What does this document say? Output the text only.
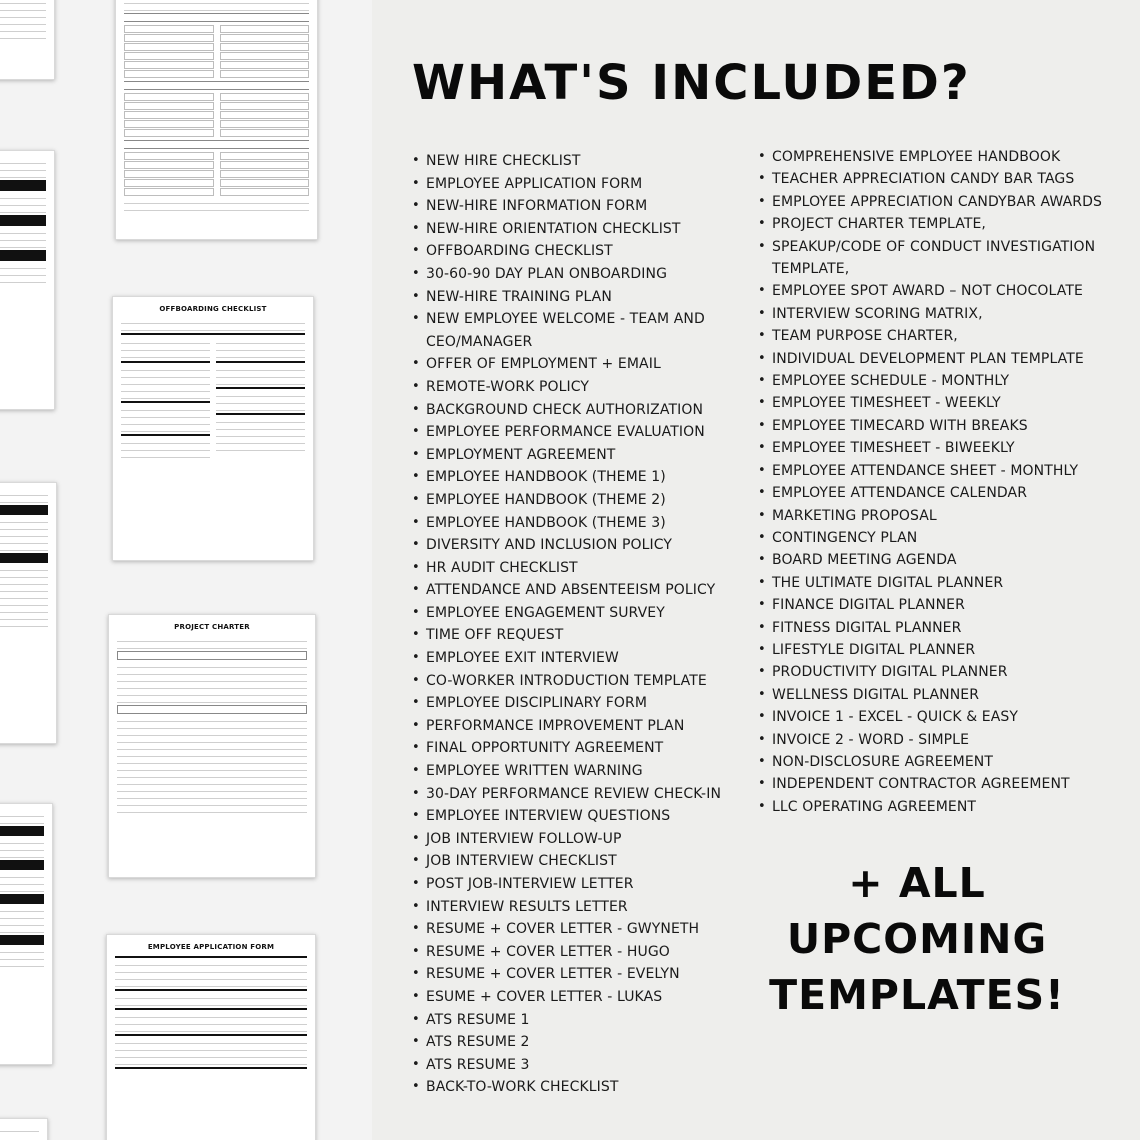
OFFBOARDING CHECKLIST
PROJECT CHARTER

EMPLOYEE APPLICATION FORM
WHAT'S INCLUDED?
• NEW HIRE CHECKLIST
• EMPLOYEE APPLICATION FORM
• NEW-HIRE INFORMATION FORM
• NEW-HIRE ORIENTATION CHECKLIST
• OFFBOARDING CHECKLIST
• 30-60-90 DAY PLAN ONBOARDING
• NEW-HIRE TRAINING PLAN
• NEW EMPLOYEE WELCOME - TEAM AND CEO/MANAGER
• OFFER OF EMPLOYMENT + EMAIL
• REMOTE-WORK POLICY
• BACKGROUND CHECK AUTHORIZATION
• EMPLOYEE PERFORMANCE EVALUATION
• EMPLOYMENT AGREEMENT
• EMPLOYEE HANDBOOK (THEME 1)
• EMPLOYEE HANDBOOK (THEME 2)
• EMPLOYEE HANDBOOK (THEME 3)
• DIVERSITY AND INCLUSION POLICY
• HR AUDIT CHECKLIST
• ATTENDANCE AND ABSENTEEISM POLICY
• EMPLOYEE ENGAGEMENT SURVEY
• TIME OFF REQUEST
• EMPLOYEE EXIT INTERVIEW
• CO-WORKER INTRODUCTION TEMPLATE
• EMPLOYEE DISCIPLINARY FORM
• PERFORMANCE IMPROVEMENT PLAN
• FINAL OPPORTUNITY AGREEMENT
• EMPLOYEE WRITTEN WARNING
• 30-DAY PERFORMANCE REVIEW CHECK-IN
• EMPLOYEE INTERVIEW QUESTIONS
• JOB INTERVIEW FOLLOW-UP
• JOB INTERVIEW CHECKLIST
• POST JOB-INTERVIEW LETTER
• INTERVIEW RESULTS LETTER
• RESUME + COVER LETTER - GWYNETH
• RESUME + COVER LETTER - HUGO
• RESUME + COVER LETTER - EVELYN
• ESUME + COVER LETTER - LUKAS
• ATS RESUME 1
• ATS RESUME 2
• ATS RESUME 3
• BACK-TO-WORK CHECKLIST
• COMPREHENSIVE EMPLOYEE HANDBOOK
• TEACHER APPRECIATION CANDY BAR TAGS
• EMPLOYEE APPRECIATION CANDYBAR AWARDS
• PROJECT CHARTER TEMPLATE,
• SPEAKUP/CODE OF CONDUCT INVESTIGATION TEMPLATE,
• EMPLOYEE SPOT AWARD – NOT CHOCOLATE
• INTERVIEW SCORING MATRIX,
• TEAM PURPOSE CHARTER,
• INDIVIDUAL DEVELOPMENT PLAN TEMPLATE
• EMPLOYEE SCHEDULE - MONTHLY
• EMPLOYEE TIMESHEET - WEEKLY
• EMPLOYEE TIMECARD WITH BREAKS
• EMPLOYEE TIMESHEET - BIWEEKLY
• EMPLOYEE ATTENDANCE SHEET - MONTHLY
• EMPLOYEE ATTENDANCE CALENDAR
• MARKETING PROPOSAL
• CONTINGENCY PLAN
• BOARD MEETING AGENDA
• THE ULTIMATE DIGITAL PLANNER
• FINANCE DIGITAL PLANNER
• FITNESS DIGITAL PLANNER
• LIFESTYLE DIGITAL PLANNER
• PRODUCTIVITY DIGITAL PLANNER
• WELLNESS DIGITAL PLANNER
• INVOICE 1 - EXCEL - QUICK & EASY
• INVOICE 2 - WORD - SIMPLE
• NON-DISCLOSURE AGREEMENT
• INDEPENDENT CONTRACTOR AGREEMENT
• LLC OPERATING AGREEMENT
+ ALL
UPCOMING
TEMPLATES!
